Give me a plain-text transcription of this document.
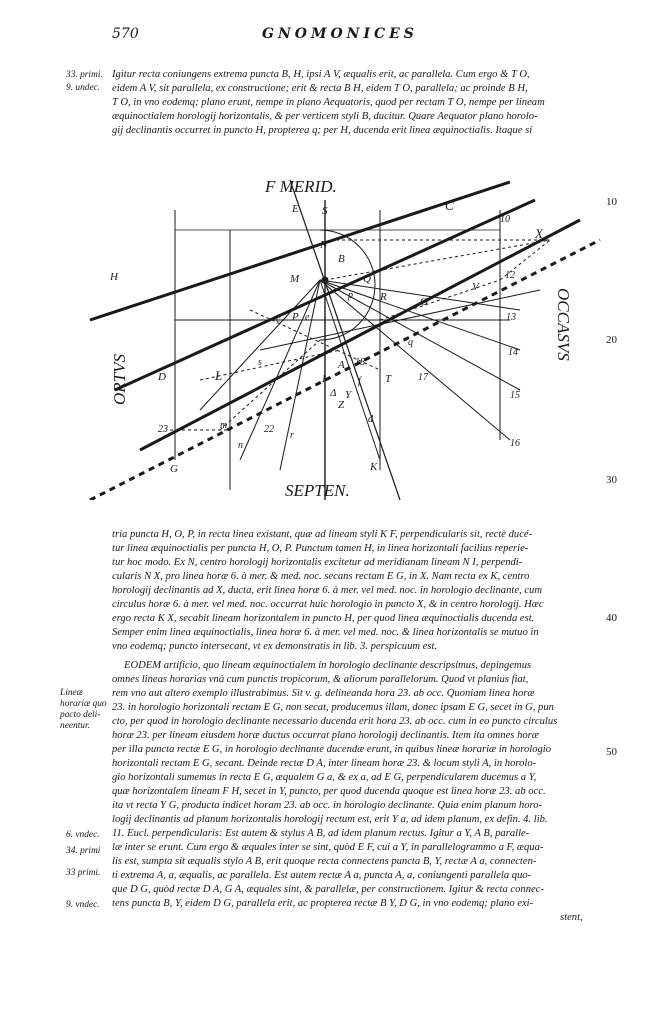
570	GNOMONICES
33. primi.
9. undec.
Igitur recta coniungens extrema puncta B, H, ipsi A V, æqualis erit, ac parallela. Cum ergo & T O,
eidem A V, sit parallela, ex constructione; erit & recta B H, eidem T O, parallela; ac proinde B H,
T O, in vno eodemq; plano erunt, nempe in plano Aequatoris, quod per rectam T O, nempe per lineam
æquinoctialem horologij horizontalis, & per verticem styli B, ducitur. Quare Aequator plano horolo-
gij declinantis occurret in puncto H, propterea q; per H, ducenda erit linea æquinoctialis. Itaque si
10
20
30
40
50
F MERID.
SEPTEN.
ORTVS
OCCASVS
E S
N
B
M
P
Q
R	O
G
H
V
X
C
L
D	I
K
T
Y
A
Z
Δ
c
s
f
e
p
q
23
12
13
14
15
16
17
18
10
22
m
n
r
d
tria puncta H, O, P, in recta linea existant, quæ ad lineam styli K F, perpendicularis sit, rectè ducé-
tur linea æquinoctialis per puncta H, O, P. Punctum tamen H, in linea horizontali facilius reperie-
tur hoc modo. Ex N, centro horologij horizontalis excitetur ad meridianam lineam N I, perpendi-
cularis N X, pro linea horæ 6. à mer. & med. noc. secans rectam E G, in X. Nam recta ex K, centro
horologij declinantis ad X, ducta, erit linea horæ 6. à mer. vel med. noc. in horologio declinante, cum
circulus horæ 6. à mer. vel med. noc. occurrat huic horologio in puncto X, & in centro horologij. Hæc
ergo recta K X, secabit lineam horizontalem in puncto H, per quod linea æquinoctialis ducenda est.
Semper enim linea æquinoctialis, linea horæ 6. à mer. vel med. noc. & linea horizontalis se mutuo in
vno eodemq; puncto intersecant, vt ex demonstratis in lib. 3. perspicuum est.
Lineæ horariæ quo pacto deli- neentur.
6. vndec.
34. primi
33 primi.
9. vndec.
EODEM artificio, quo lineam æquinoctialem in horologio declinante descripsimus, depingemus
omnes lineas horarias vnà cum punctis tropicorum, & aliorum parallelorum. Quod vt planius fiat,
rem vno aut altero exemplo illustrabimus. Sit v. g. delineanda hora 23. ab occ. Quoniam linea horæ
23. in horologio horizontali rectam E G, non secat, producemus illam, donec ipsam E G, secet in G, pun
cto, per quod in horologio declinante necessario ducenda erit hora 23. ab occ. cum in eo puncto circulus
horæ 23. per lineam eiusdem horæ ductus occurrat plano horologij declinantis. Item ita omnes horæ
per illa puncta rectæ E G, in horologio declinante ducendæ erunt, in quibus lineæ horariæ in horologio
horizontali rectam E G, secant. Deinde rectæ D A, inter lineam horæ 23. & locum styli A, in horolo-
gio horizontali sumemus in recta E G, æqualem G a, & ex a, ad E G, perpendicularem ducemus a Y,
quæ horizontalem lineam F H, secet in Y, puncto, per quod ducenda quoque est linea horæ 23. ab occ.
ita vt recta Y G, producta indicet horam 23. ab occ. in horologio declinante. Quia enim planum horo-
logij declinantis ad planum horizontalis horologij rectum est, erit Y a, ad idem planum, ex defin. 4. lib.
11. Eucl. perpendicularis: Est autem & stylus A B, ad idem planum rectus. Igitur a Y, A B, paralle-
læ inter se erunt. Cum ergo & æquales inter se sint, quòd E F, cui a Y, in parallelogrammo a F, æqua-
lis est, sumpta sit æqualis stylo A B, erit quoque recta connectens puncta B, Y, rectæ A a, connecten-
ti extrema A, a, æqualis, ac parallela. Est autem rectæ A a, puncta A, a, coniungenti parallela quo-
que D G, quòd rectæ D A, G A, æquales sint, & parallelæ, per constructionem. Igitur & recta connec-
tens puncta B, Y, eidem D G, parallela erit, ac propterea rectæ B Y, D G, in vno eodemq; plano exi-
stent,
